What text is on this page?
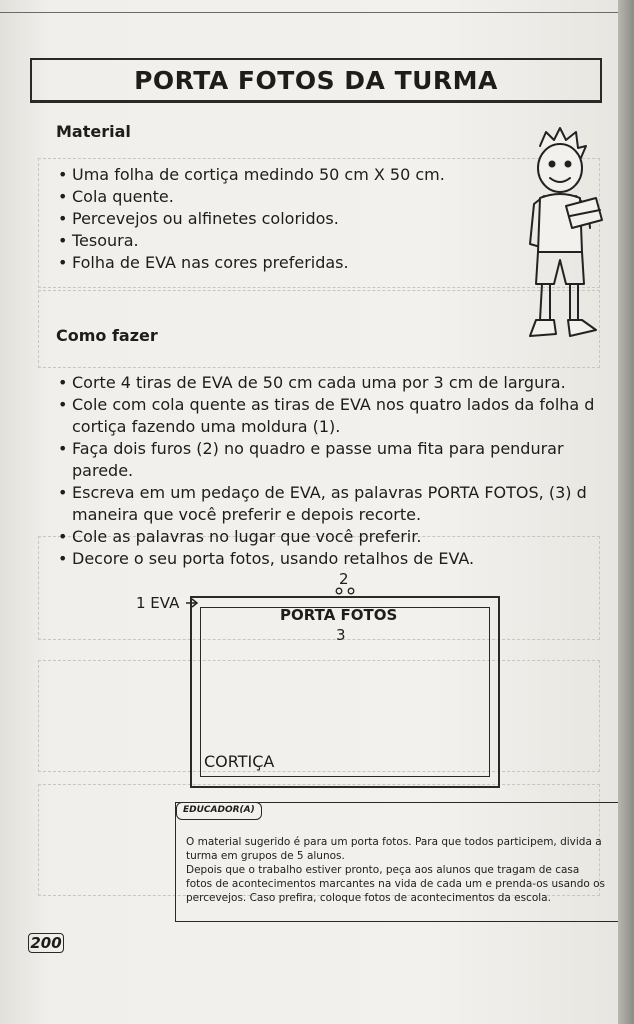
PORTA FOTOS DA TURMA
Material
• Uma folha de cortiça medindo 50 cm X 50 cm.
• Cola quente.
• Percevejos ou alfinetes coloridos.
• Tesoura.
• Folha de EVA nas cores preferidas.
Como fazer
• Corte 4 tiras de EVA de 50 cm cada uma por 3 cm de largura.
• Cole com cola quente as tiras de EVA nos quatro lados da folha d
cortiça fazendo uma moldura (1).
• Faça dois furos (2) no quadro e passe uma fita para pendurar
parede.
• Escreva em um pedaço de EVA, as palavras PORTA FOTOS, (3) d
maneira que você preferir e depois recorte.
• Cole as palavras no lugar que você preferir.
• Decore o seu porta fotos, usando retalhos de EVA.
1 EVA
2
PORTA FOTOS
3
CORTIÇA
EDUCADOR(A)
O material sugerido é para um porta fotos. Para que todos participem, divida a
turma em grupos de 5 alunos.
Depois que o trabalho estiver pronto, peça aos alunos que tragam de casa
fotos de acontecimentos marcantes na vida de cada um e prenda-os usando os
percevejos. Caso prefira, coloque fotos de acontecimentos da escola.
200
